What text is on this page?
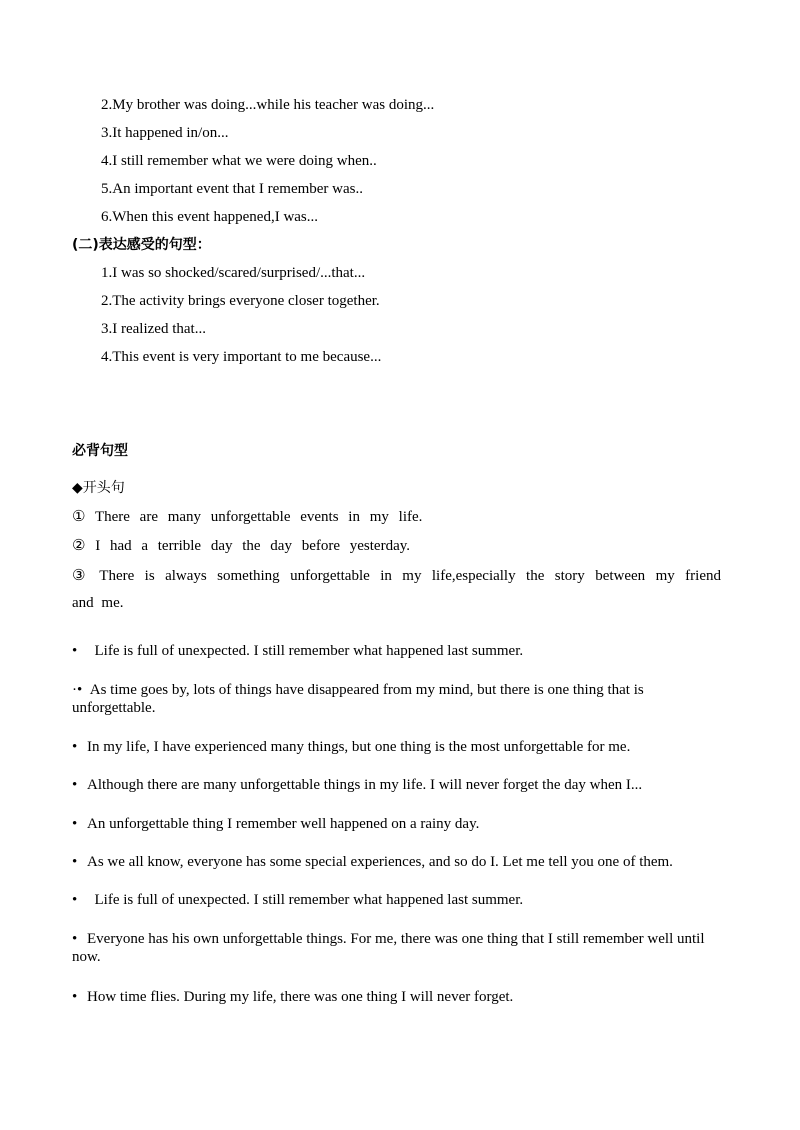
2.My brother was doing...while his teacher was doing...
3.It happened in/on...
4.I still remember what we were doing when..
5.An important event that I remember was..
6.When this event happened,I was...
(二)表达感受的句型：
1.I was so shocked/scared/surprised/...that...
2.The activity brings everyone closer together.
3.I realized that...
4.This event is very important to me because...
必背句型
◆开头句
① There are many unforgettable events in my life.
② I had a terrible day the day before yesterday.
③ There is always something unforgettable in my life,especially the story between my friend
and me.
• Life is full of unexpected. I still remember what happened last summer.
·• As time goes by, lots of things have disappeared from my mind, but there is one thing that is unforgettable.
• In my life, I have experienced many things, but one thing is the most unforgettable for me.
• Although there are many unforgettable things in my life. I will never forget the day when I...
• An unforgettable thing I remember well happened on a rainy day.
• As we all know, everyone has some special experiences, and so do I. Let me tell you one of them.
• Life is full of unexpected. I still remember what happened last summer.
• Everyone has his own unforgettable things. For me, there was one thing that I still remember well until now.
• How time flies. During my life, there was one thing I will never forget.
